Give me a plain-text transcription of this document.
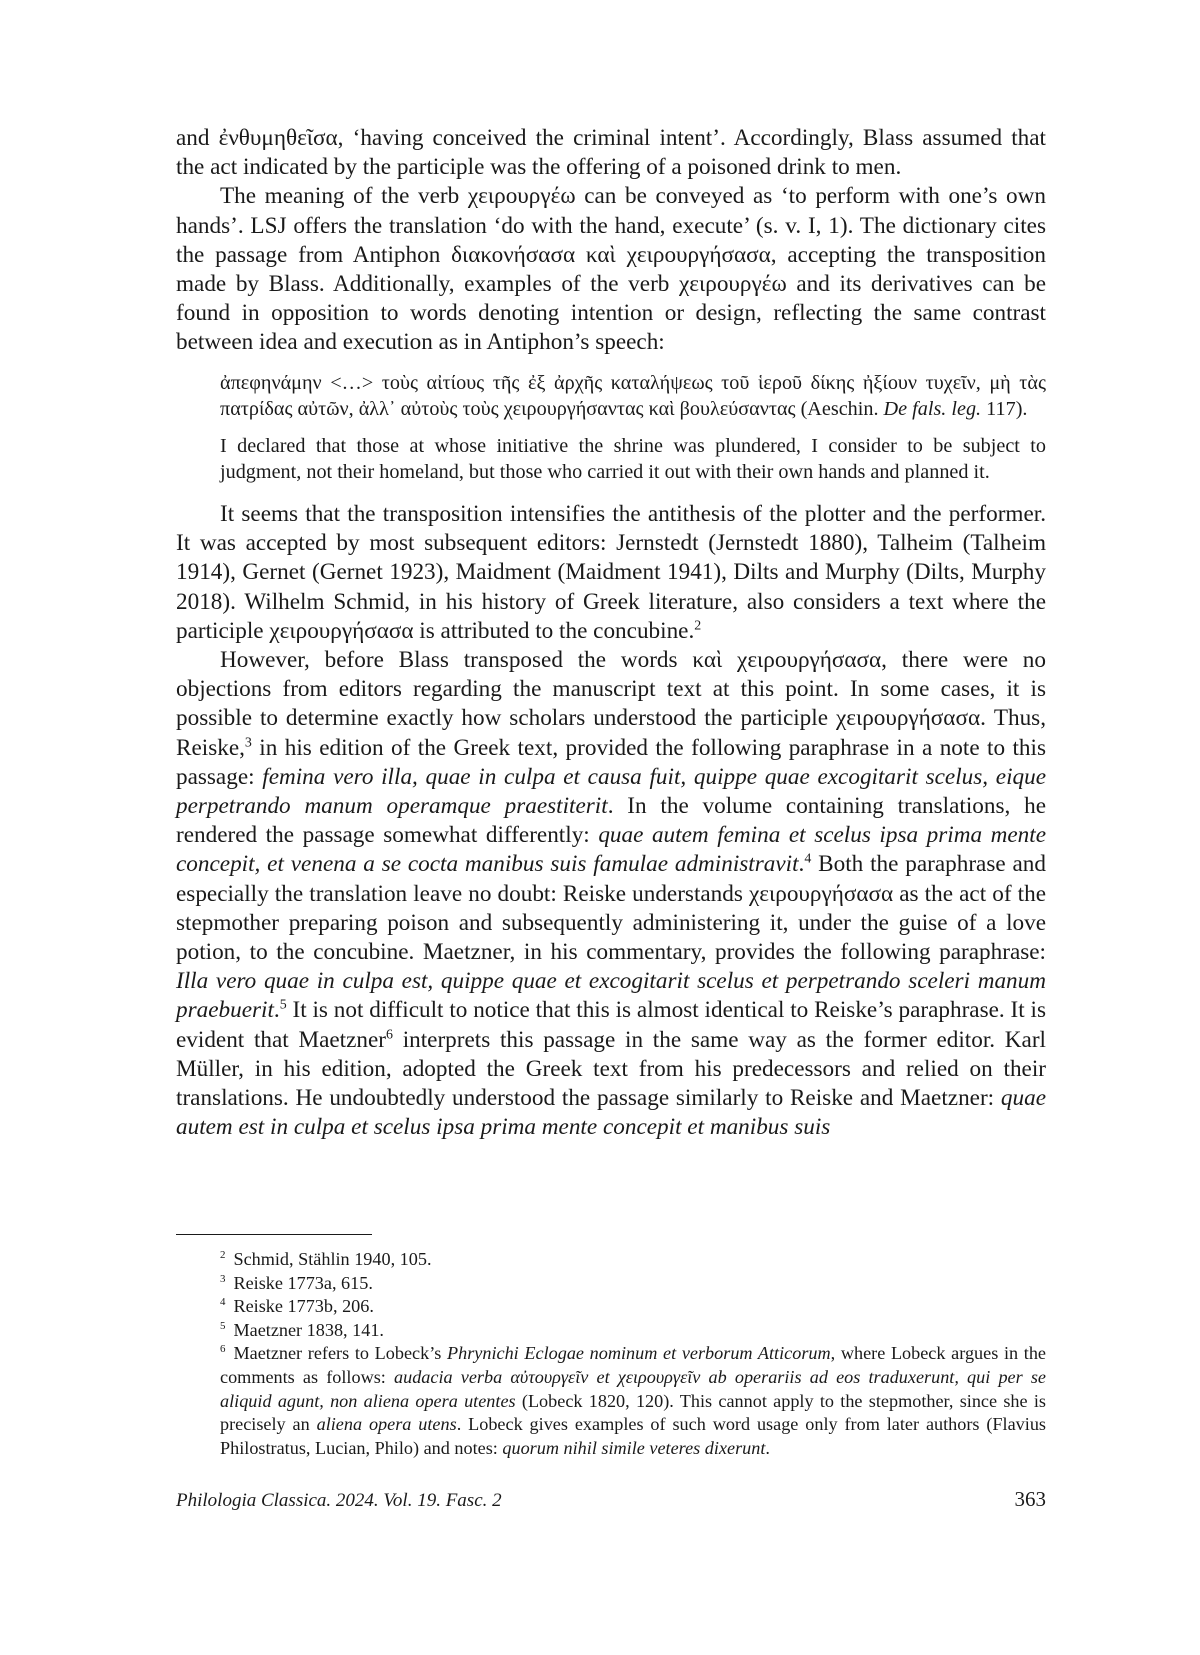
and ἐνθυμηθεῖσα, ‘having conceived the criminal intent’. Accordingly, Blass assumed that the act indicated by the participle was the offering of a poisoned drink to men.

The meaning of the verb χειρουργέω can be conveyed as ‘to perform with one’s own hands’. LSJ offers the translation ‘do with the hand, execute’ (s. v. I, 1). The dictionary cites the passage from Antiphon διακονήσασα καὶ χειρουργήσασα, accepting the transposition made by Blass. Additionally, examples of the verb χειρουργέω and its derivatives can be found in opposition to words denoting intention or design, reflecting the same contrast between idea and execution as in Antiphon’s speech:

ἀπεφηνάμην <…> τοὺς αἰτίους τῆς ἐξ ἀρχῆς καταλήψεως τοῦ ἱεροῦ δίκης ἠξίουν τυχεῖν, μὴ τὰς πατρίδας αὐτῶν, ἀλλ᾽ αὐτοὺς τοὺς χειρουργήσαντας καὶ βουλεύσαντας (Aeschin. De fals. leg. 117).
I declared that those at whose initiative the shrine was plundered, I consider to be subject to judgment, not their homeland, but those who carried it out with their own hands and planned it.

It seems that the transposition intensifies the antithesis of the plotter and the performer. It was accepted by most subsequent editors: Jernstedt (Jernstedt 1880), Talheim (Talheim 1914), Gernet (Gernet 1923), Maidment (Maidment 1941), Dilts and Murphy (Dilts, Murphy 2018). Wilhelm Schmid, in his history of Greek literature, also considers a text where the participle χειρουργήσασα is attributed to the concubine.$^2$

However, before Blass transposed the words καὶ χειρουργήσασα, there were no objections from editors regarding the manuscript text at this point. In some cases, it is possible to determine exactly how scholars understood the participle χειρουργήσασα. Thus, Reiske,$^3$ in his edition of the Greek text, provided the following paraphrase in a note to this passage: femina vero illa, quae in culpa et causa fuit, quippe quae excogitarit scelus, eique perpetrando manum operamque praestiterit. In the volume containing translations, he rendered the passage somewhat differently: quae autem femina et scelus ipsa prima mente concepit, et venena a se cocta manibus suis famulae administravit.$^4$ Both the paraphrase and especially the translation leave no doubt: Reiske understands χειρουργήσασα as the act of the stepmother preparing poison and subsequently administering it, under the guise of a love potion, to the concubine. Maetzner, in his commentary, provides the following paraphrase: Illa vero quae in culpa est, quippe quae et excogitarit scelus et perpetrando sceleri manum praebuerit.$^5$ It is not difficult to notice that this is almost identical to Reiske’s paraphrase. It is evident that Maetzner$^6$ interprets this passage in the same way as the former editor. Karl Müller, in his edition, adopted the Greek text from his predecessors and relied on their translations. He undoubtedly understood the passage similarly to Reiske and Maetzner: quae autem est in culpa et scelus ipsa prima mente concepit et manibus suis

$^2$ Schmid, Stählin 1940, 105.
$^3$ Reiske 1773a, 615.
$^4$ Reiske 1773b, 206.
$^5$ Maetzner 1838, 141.
$^6$ Maetzner refers to Lobeck’s Phrynichi Eclogae nominum et verborum Atticorum, where Lobeck argues in the comments as follows: audacia verba αὐτουργεῖν et χειρουργεῖν ab operariis ad eos traduxerunt, qui per se aliquid agunt, non aliena opera utentes (Lobeck 1820, 120). This cannot apply to the stepmother, since she is precisely an aliena opera utens. Lobeck gives examples of such word usage only from later authors (Flavius Philostratus, Lucian, Philo) and notes: quorum nihil simile veteres dixerunt.
Philologia Classica. 2024. Vol. 19. Fasc. 2	363
